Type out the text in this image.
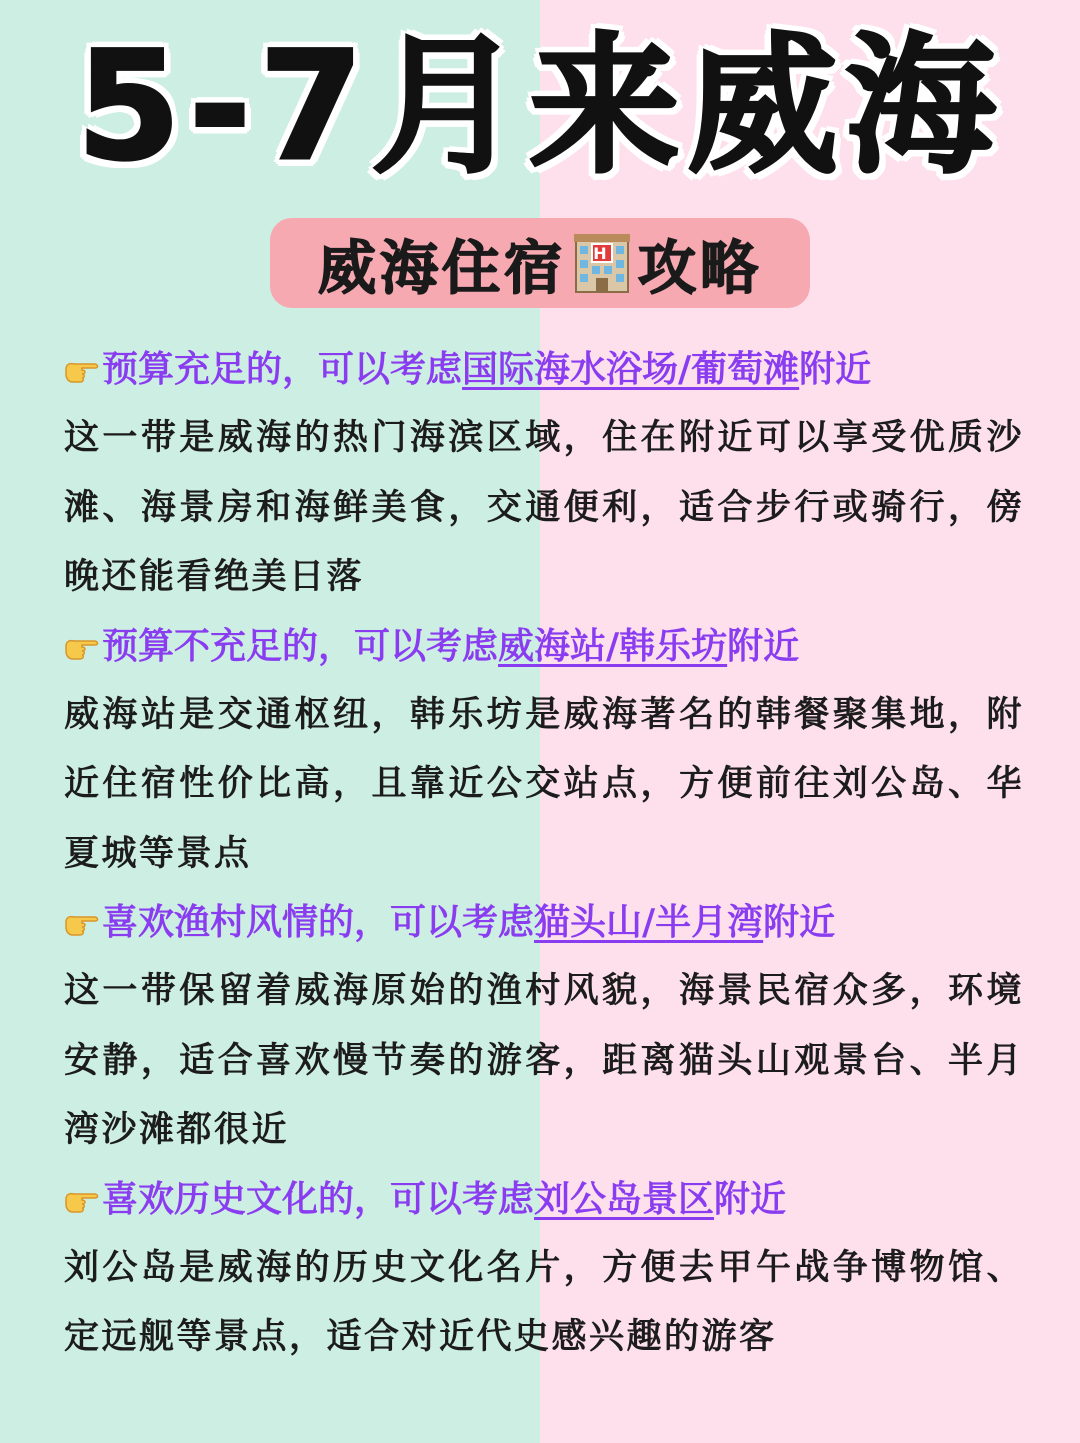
5-7月来威海
威海住宿 H 攻略
预算充足的，可以考虑国际海水浴场/葡萄滩附近
这一带是威海的热门海滨区域，住在附近可以享受优质沙滩、海景房和海鲜美食，交通便利，适合步行或骑行，傍晚还能看绝美日落
预算不充足的，可以考虑威海站/韩乐坊附近
威海站是交通枢纽，韩乐坊是威海著名的韩餐聚集地，附近住宿性价比高，且靠近公交站点，方便前往刘公岛、华夏城等景点
喜欢渔村风情的，可以考虑猫头山/半月湾附近
这一带保留着威海原始的渔村风貌，海景民宿众多，环境安静，适合喜欢慢节奏的游客，距离猫头山观景台、半月湾沙滩都很近
喜欢历史文化的，可以考虑刘公岛景区附近
刘公岛是威海的历史文化名片，方便去甲午战争博物馆、定远舰等景点，适合对近代史感兴趣的游客
